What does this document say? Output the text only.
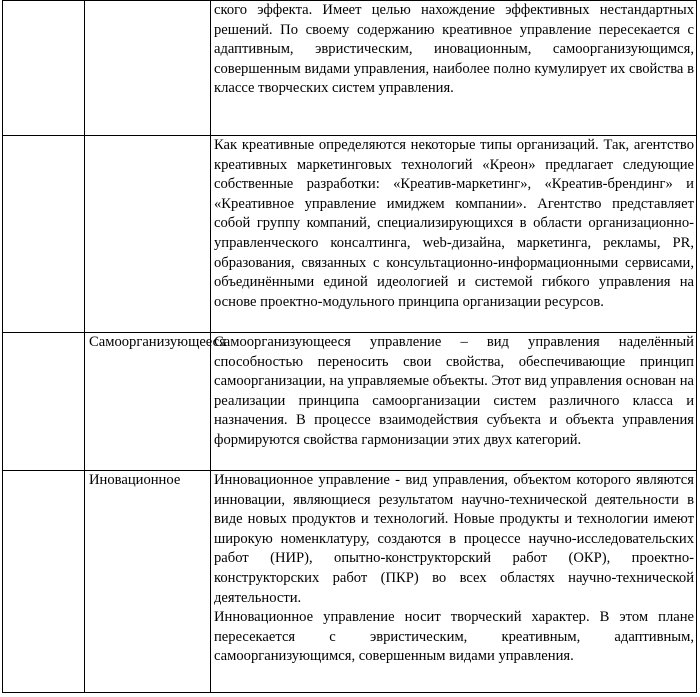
		ского эффекта. Имеет целью нахождение эффективных нестандартных решений. По своему содержанию креативное управление пересекается с адаптивным, эвристическим, иновационным, самоорганизующимся, совершенным видами управления, наиболее полно кумулирует их свойства в классе творческих систем управления.

		Как креативные определяются некоторые типы организаций. Так, агентство креативных маркетинговых технологий «Креон» предлагает следующие собственные разработки: «Креатив-маркетинг», «Креатив-брендинг» и «Креативное управление имиджем компании». Агентство представляет собой группу компаний, специализирующихся в области организационно-управленческого консалтинга, web-дизайна, маркетинга, рекламы, PR, образования, связанных с консультационно-информационными сервисами, объединёнными единой идеологией и системой гибкого управления на основе проектно-модульного принципа организации ресурсов.

	Самоорганизующееся	Самоорганизующееся управление – вид управления наделённый способностью переносить свои свойства, обеспечивающие принцип самоорганизации, на управляемые объекты. Этот вид управления основан на реализации принципа самоорганизации систем различного класса и назначения. В процессе взаимодействия субъекта и объекта управления формируются свойства гармонизации этих двух категорий.

	Иновационное	Инновационное управление - вид управления, объектом которого являются инновации, являющиеся результатом научно-технической деятельности в виде новых продуктов и технологий. Новые продукты и технологии имеют широкую номенклатуру, создаются в процессе научно-исследовательских работ (НИР), опытно-конструкторский работ (ОКР), проектно-конструкторских работ (ПКР) во всех областях научно-технической деятельности.

Инновационное управление носит творческий характер. В этом плане пересекается с эвристическим, креативным, адаптивным, самоорганизующимся, совершенным видами управления.
